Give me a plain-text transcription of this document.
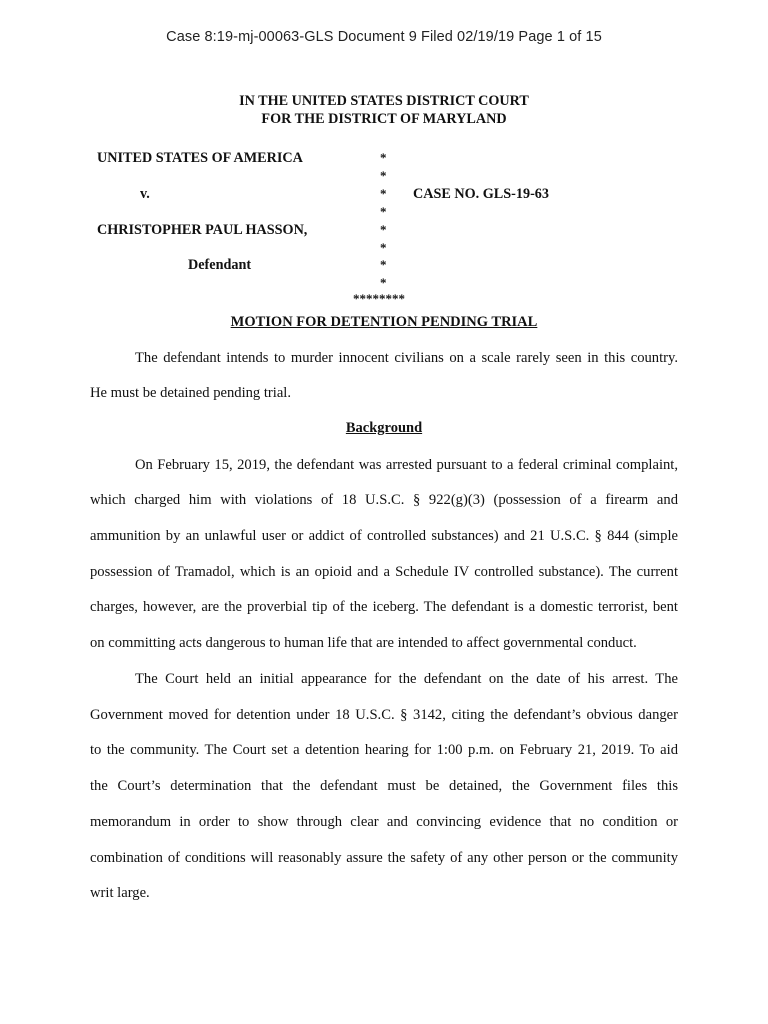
Case 8:19-mj-00063-GLS Document 9 Filed 02/19/19 Page 1 of 15
IN THE UNITED STATES DISTRICT COURT
FOR THE DISTRICT OF MARYLAND
UNITED STATES OF AMERICA
v.
CHRISTOPHER PAUL HASSON,
Defendant
CASE NO. GLS-19-63
*
*
*
*
*
*
*
*
********
MOTION FOR DETENTION PENDING TRIAL
The defendant intends to murder innocent civilians on a scale rarely seen in this country.
He must be detained pending trial.
Background
On February 15, 2019, the defendant was arrested pursuant to a federal criminal complaint,
which charged him with violations of 18 U.S.C. § 922(g)(3) (possession of a firearm and
ammunition by an unlawful user or addict of controlled substances) and 21 U.S.C. § 844 (simple
possession of Tramadol, which is an opioid and a Schedule IV controlled substance). The current
charges, however, are the proverbial tip of the iceberg. The defendant is a domestic terrorist, bent
on committing acts dangerous to human life that are intended to affect governmental conduct.
The Court held an initial appearance for the defendant on the date of his arrest. The
Government moved for detention under 18 U.S.C. § 3142, citing the defendant’s obvious danger
to the community. The Court set a detention hearing for 1:00 p.m. on February 21, 2019. To aid
the Court’s determination that the defendant must be detained, the Government files this
memorandum in order to show through clear and convincing evidence that no condition or
combination of conditions will reasonably assure the safety of any other person or the community
writ large.
